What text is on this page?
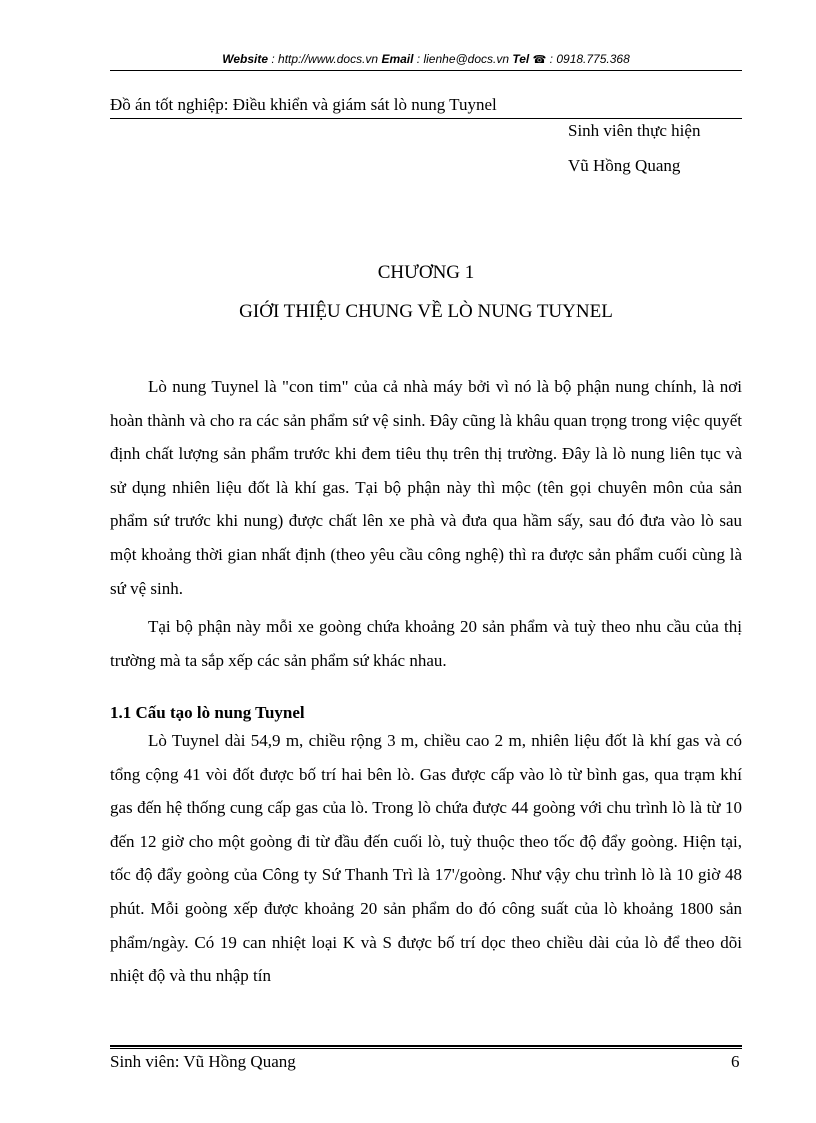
Website : http://www.docs.vn Email : lienhe@docs.vn Tel ☎ : 0918.775.368
Đồ án tốt nghiệp: Điều khiển và giám sát lò nung Tuynel
Sinh viên thực hiện
Vũ Hồng Quang
CHƯƠNG 1
GIỚI THIỆU CHUNG VỀ LÒ NUNG TUYNEL

Lò nung Tuynel là "con tim" của cả nhà máy bởi vì nó là bộ phận nung chính, là nơi hoàn thành và cho ra các sản phẩm sứ vệ sinh. Đây cũng là khâu quan trọng trong việc quyết định chất lượng sản phẩm trước khi đem tiêu thụ trên thị trường. Đây là lò nung liên tục và sử dụng nhiên liệu đốt là khí gas. Tại bộ phận này thì mộc (tên gọi chuyên môn của sản phẩm sứ trước khi nung) được chất lên xe phà và đưa qua hầm sấy, sau đó đưa vào lò sau một khoảng thời gian nhất định (theo yêu cầu công nghệ) thì ra được sản phẩm cuối cùng là sứ vệ sinh.

Tại bộ phận này mỗi xe goòng chứa khoảng 20 sản phẩm và tuỳ theo nhu cầu của thị trường mà ta sắp xếp các sản phẩm sứ khác nhau.

1.1 Cấu tạo lò nung Tuynel

Lò Tuynel dài 54,9 m, chiều rộng 3 m, chiều cao 2 m, nhiên liệu đốt là khí gas và có tổng cộng 41 vòi đốt được bố trí hai bên lò. Gas được cấp vào lò từ bình gas, qua trạm khí gas đến hệ thống cung cấp gas của lò. Trong lò chứa được 44 goòng với chu trình lò là từ 10 đến 12 giờ cho một goòng đi từ đầu đến cuối lò, tuỳ thuộc theo tốc độ đẩy goòng. Hiện tại, tốc độ đẩy goòng của Công ty Sứ Thanh Trì là 17'/goòng. Như vậy chu trình lò là 10 giờ 48 phút. Mỗi goòng xếp được khoảng 20 sản phẩm do đó công suất của lò khoảng 1800 sản phẩm/ngày. Có 19 can nhiệt loại K và S được bố trí dọc theo chiều dài của lò để theo dõi nhiệt độ và thu nhập tín

Sinh viên: Vũ Hồng Quang	6
